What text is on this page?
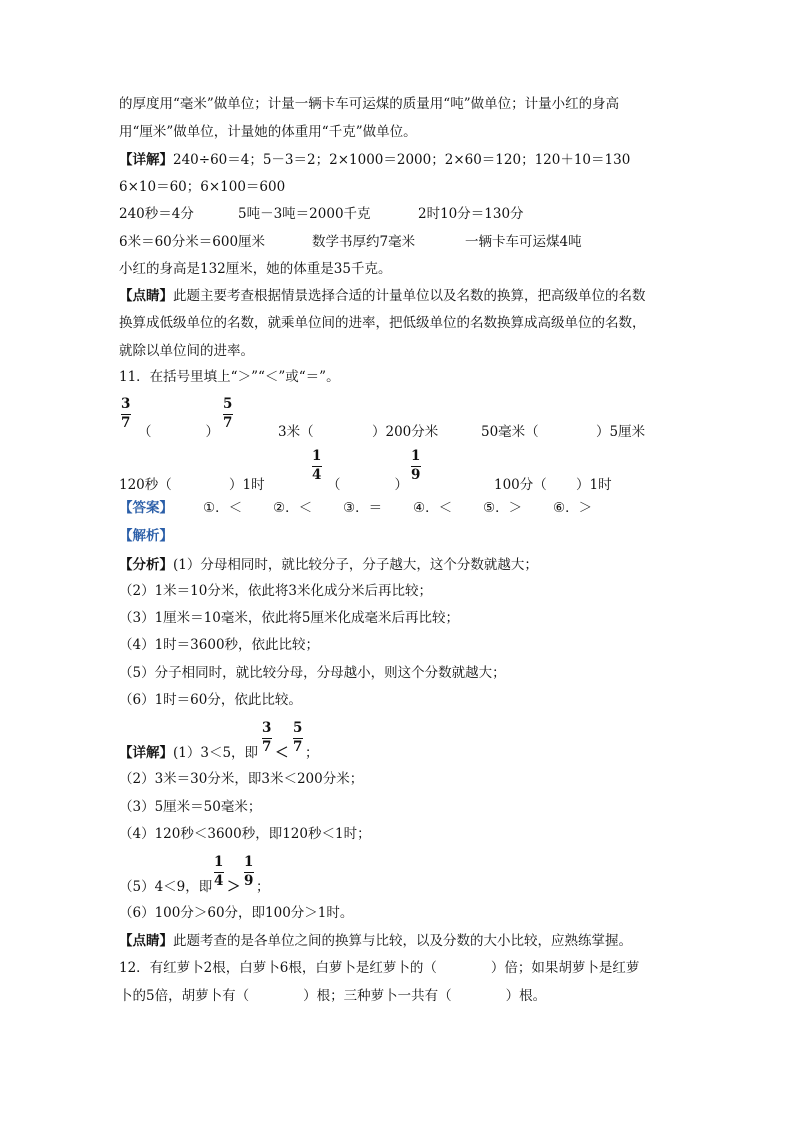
的厚度用“毫米”做单位；计量一辆卡车可运煤的质量用“吨”做单位；计量小红的身高
用“厘米”做单位，计量她的体重用“千克”做单位。
【详解】240÷60＝4；5－3＝2；2×1000＝2000；2×60＝120；120＋10＝130
6×10＝60；6×100＝600
240秒＝4分	5吨－3吨＝2000千克	2时10分＝130分
6米＝60分米＝600厘米	数学书厚约7毫米	一辆卡车可运煤4吨
小红的身高是132厘米，她的体重是35千克。
【点睛】此题主要考查根据情景选择合适的计量单位以及名数的换算，把高级单位的名数
换算成低级单位的名数，就乘单位间的进率，把低级单位的名数换算成高级单位的名数，
就除以单位间的进率。
11．在括号里填上“＞”“＜”或“＝”。
3
7
（　　　　）
5
7
3米（	）200分米	50毫米（	）5厘米
120秒（	）1时
1
4
（　　　　）
1
9
100分（ ）1时
【答案】 ①．＜ ②．＜ ③．＝ ④．＜ ⑤．＞ ⑥．＞
【解析】
【分析】(1）分母相同时，就比较分子，分子越大，这个分数就越大；
（2）1米＝10分米，依此将3米化成分米后再比较；
（3）1厘米＝10毫米，依此将5厘米化成毫米后再比较；
（4）1时＝3600秒，依此比较；
（5）分子相同时，就比较分母，分母越小，则这个分数就越大；
（6）1时＝60分，依此比较。
【详解】(1）3＜5，即
3
7 ＜
5
7 ；
（2）3米＝30分米，即3米＜200分米；
（3）5厘米＝50毫米；
（4）120秒＜3600秒，即120秒＜1时；
（5）4＜9，即
1
4 ＞
1
9 ；
（6）100分＞60分，即100分＞1时。
【点睛】此题考查的是各单位之间的换算与比较，以及分数的大小比较，应熟练掌握。
12．有红萝卜2根，白萝卜6根，白萝卜是红萝卜的（　　　　）倍；如果胡萝卜是红萝
卜的5倍，胡萝卜有（　　　　）根；三种萝卜一共有（　　　　）根。
